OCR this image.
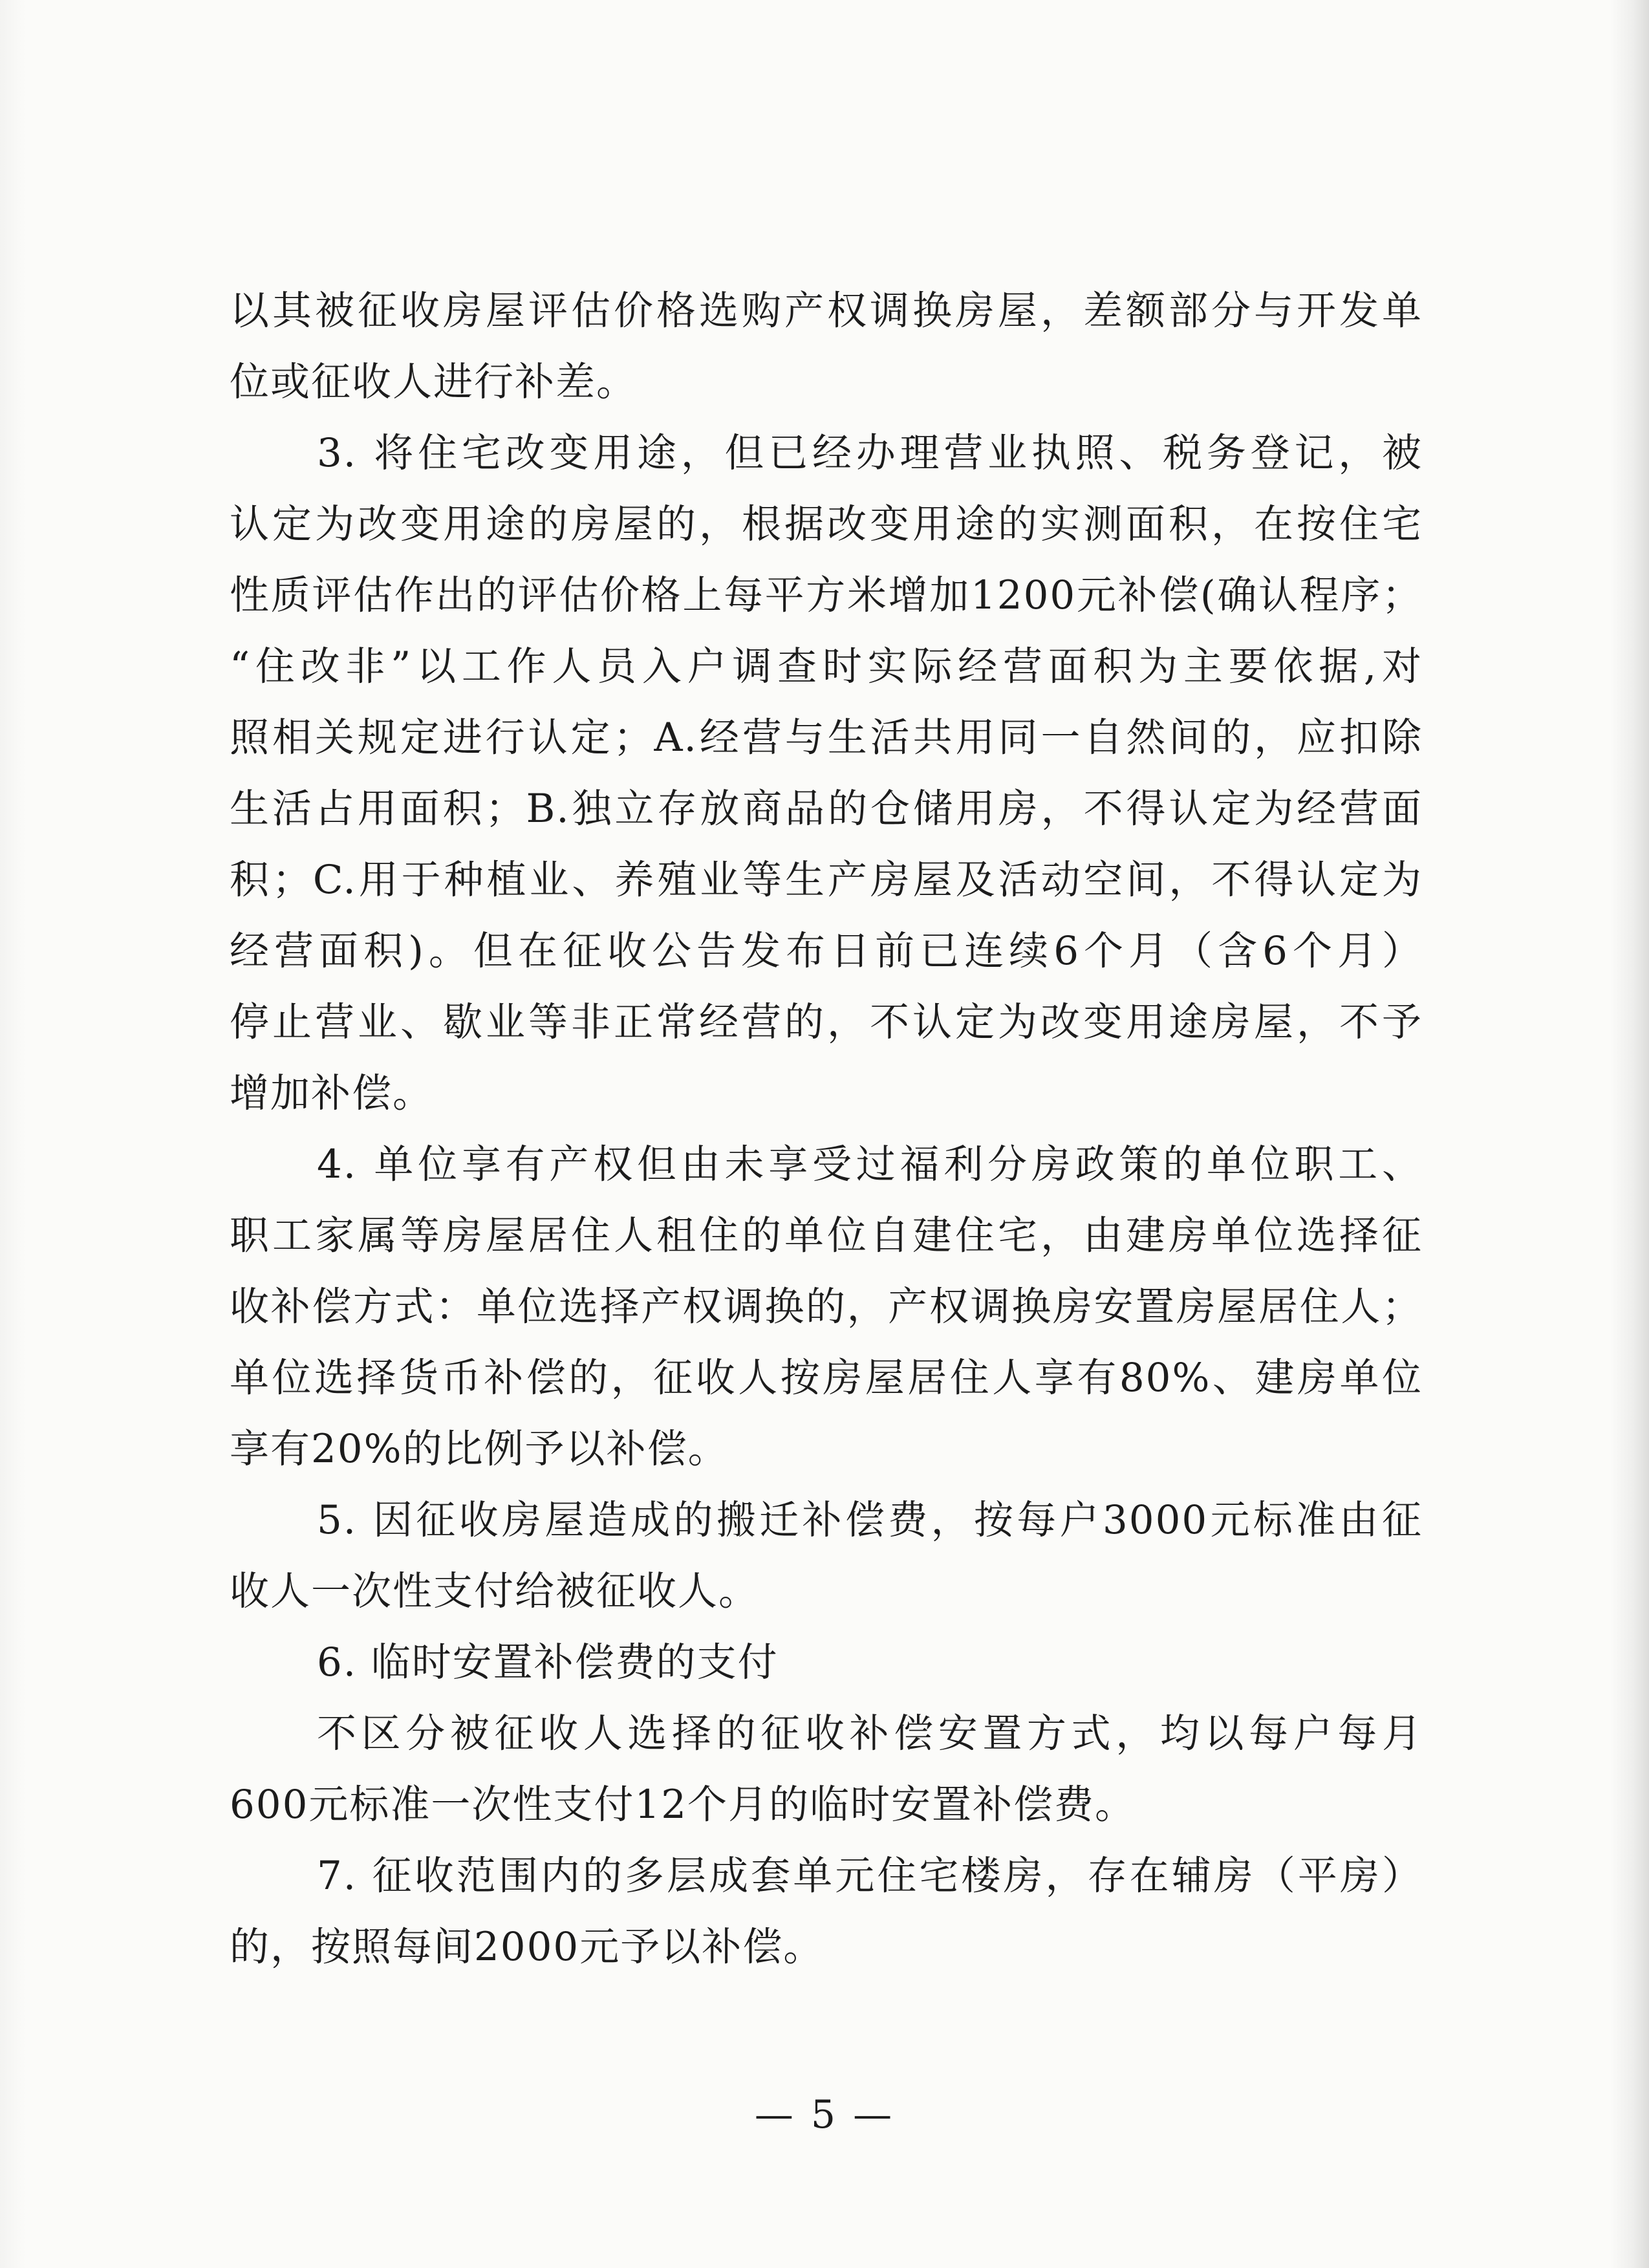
以其被征收房屋评估价格选购产权调换房屋，差额部分与开发单
位或征收人进行补差。
3. 将住宅改变用途，但已经办理营业执照、税务登记，被
认定为改变用途的房屋的，根据改变用途的实测面积，在按住宅
性质评估作出的评估价格上每平方米增加1200元补偿(确认程序；
“住改非”以工作人员入户调查时实际经营面积为主要依据,对
照相关规定进行认定；A.经营与生活共用同一自然间的，应扣除
生活占用面积；B.独立存放商品的仓储用房，不得认定为经营面
积；C.用于种植业、养殖业等生产房屋及活动空间，不得认定为
经营面积)。但在征收公告发布日前已连续6个月（含6个月）
停止营业、歇业等非正常经营的，不认定为改变用途房屋，不予
增加补偿。
4. 单位享有产权但由未享受过福利分房政策的单位职工、
职工家属等房屋居住人租住的单位自建住宅，由建房单位选择征
收补偿方式：单位选择产权调换的，产权调换房安置房屋居住人；
单位选择货币补偿的，征收人按房屋居住人享有80%、建房单位
享有20%的比例予以补偿。
5. 因征收房屋造成的搬迁补偿费，按每户3000元标准由征
收人一次性支付给被征收人。
6. 临时安置补偿费的支付
不区分被征收人选择的征收补偿安置方式，均以每户每月
600元标准一次性支付12个月的临时安置补偿费。
7. 征收范围内的多层成套单元住宅楼房，存在辅房（平房）
的，按照每间2000元予以补偿。
— 5 —
